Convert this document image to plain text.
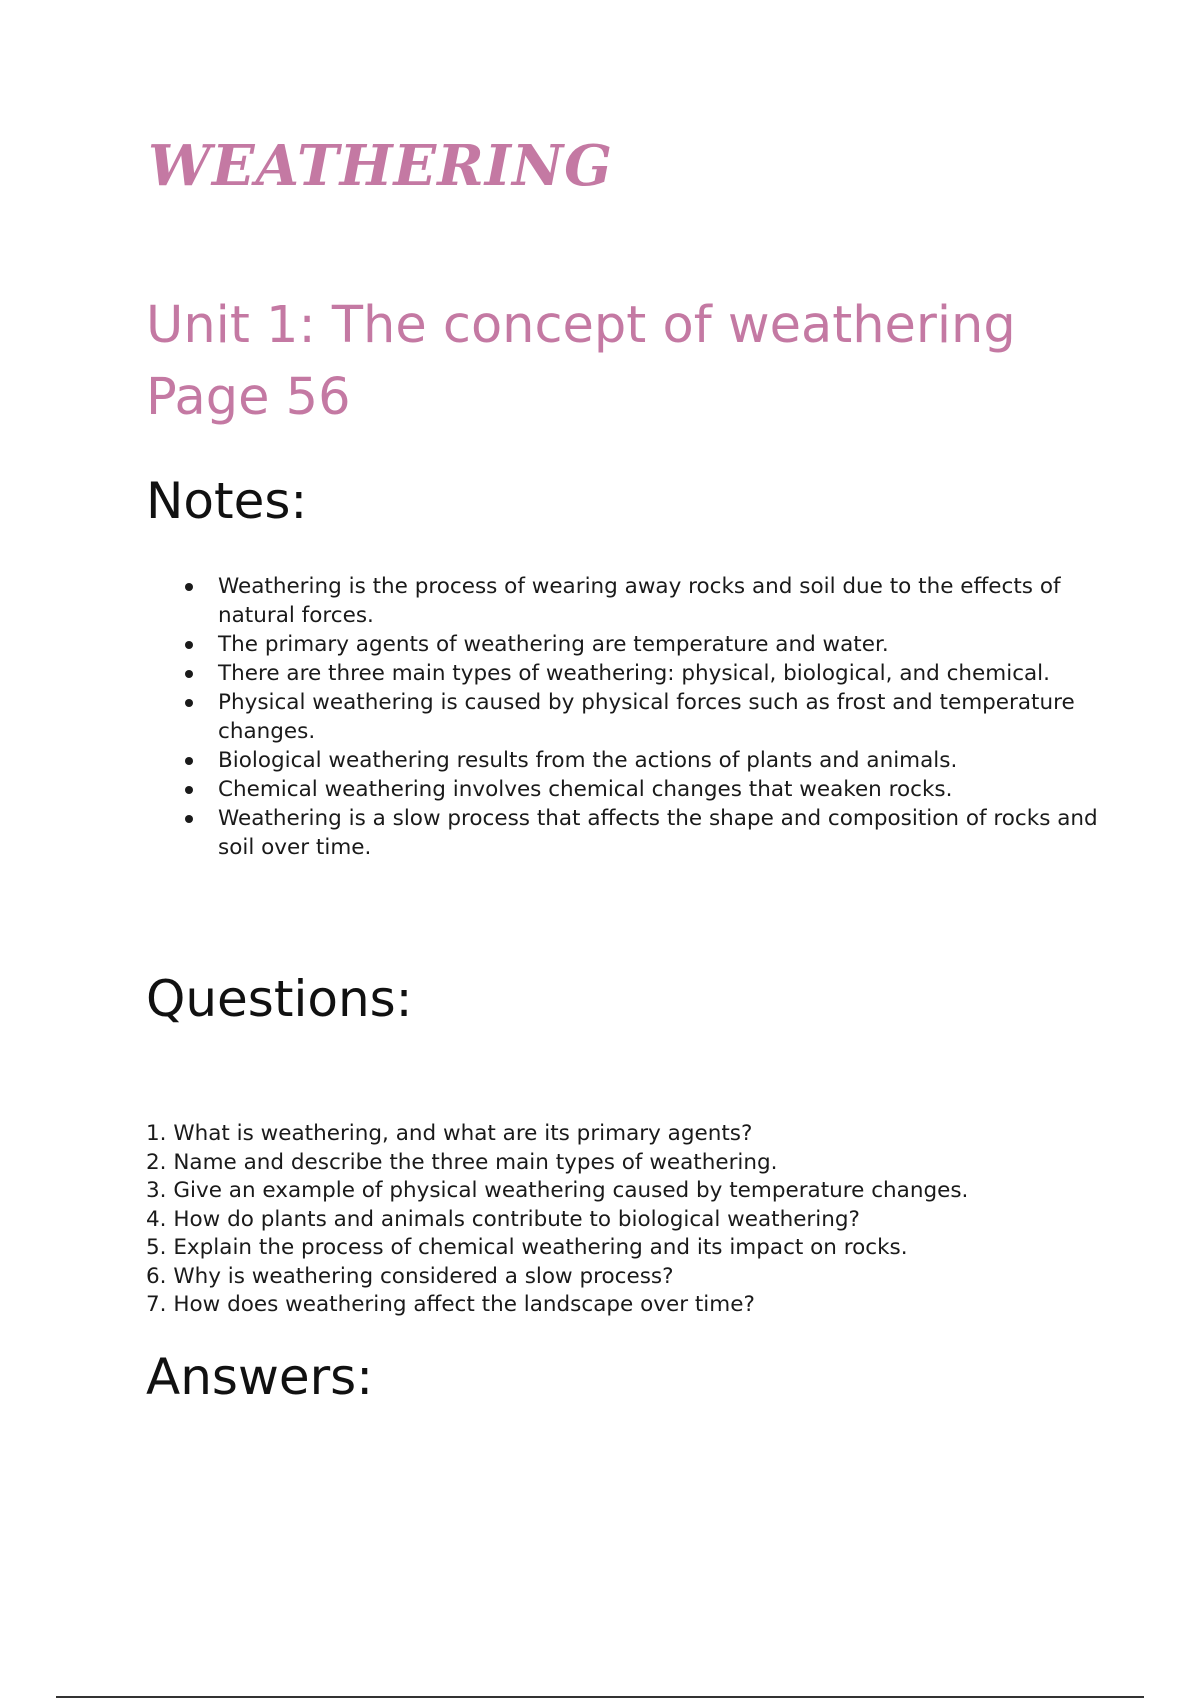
WEATHERING
Unit 1: The concept of weathering
Page 56
Notes:
Weathering is the process of wearing away rocks and soil due to the effects of natural forces.
The primary agents of weathering are temperature and water.
There are three main types of weathering: physical, biological, and chemical.
Physical weathering is caused by physical forces such as frost and temperature changes.
Biological weathering results from the actions of plants and animals.
Chemical weathering involves chemical changes that weaken rocks.
Weathering is a slow process that affects the shape and composition of rocks and soil over time.
Questions:
1. What is weathering, and what are its primary agents?
2. Name and describe the three main types of weathering.
3. Give an example of physical weathering caused by temperature changes.
4. How do plants and animals contribute to biological weathering?
5. Explain the process of chemical weathering and its impact on rocks.
6. Why is weathering considered a slow process?
7. How does weathering affect the landscape over time?
Answers:
